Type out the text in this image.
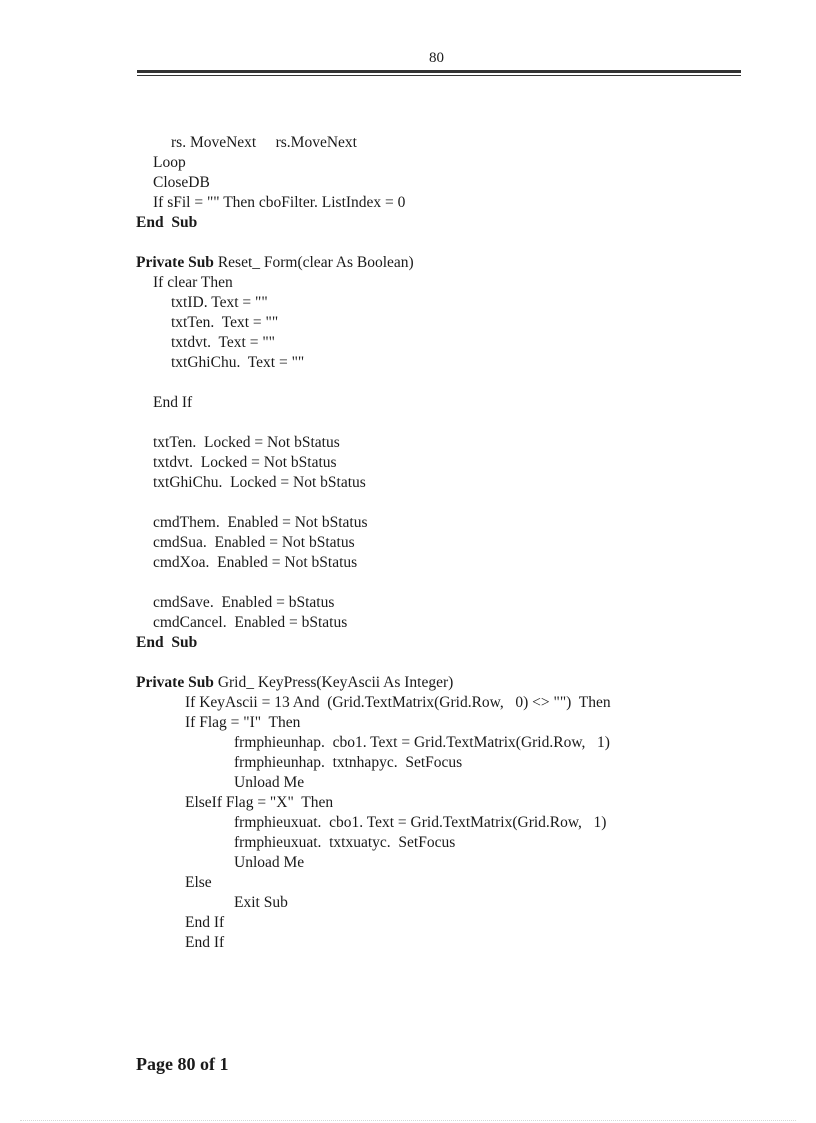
80
rs. MoveNext     rs.MoveNext
Loop
CloseDB
If sFil = "" Then cboFilter. ListIndex = 0
End  Sub
Private Sub Reset_ Form(clear As Boolean)
If clear Then
txtID. Text = ""
txtTen.  Text = ""
txtdvt.  Text = ""
txtGhiChu.  Text = ""
End If
txtTen.  Locked = Not bStatus
txtdvt.  Locked = Not bStatus
txtGhiChu.  Locked = Not bStatus
cmdThem.  Enabled = Not bStatus
cmdSua.  Enabled = Not bStatus
cmdXoa.  Enabled = Not bStatus
cmdSave.  Enabled = bStatus
cmdCancel.  Enabled = bStatus
End  Sub
Private Sub Grid_ KeyPress(KeyAscii As Integer)
If KeyAscii = 13 And  (Grid.TextMatrix(Grid.Row,   0) <> "")  Then
If Flag = "I"  Then
frmphieunhap.  cbo1. Text = Grid.TextMatrix(Grid.Row,   1)
frmphieunhap.  txtnhapyc.  SetFocus
Unload Me
ElseIf Flag = "X"  Then
frmphieuxuat.  cbo1. Text = Grid.TextMatrix(Grid.Row,   1)
frmphieuxuat.  txtxuatyc.  SetFocus
Unload Me
Else
Exit Sub
End If
End If
Page 80 of 1
